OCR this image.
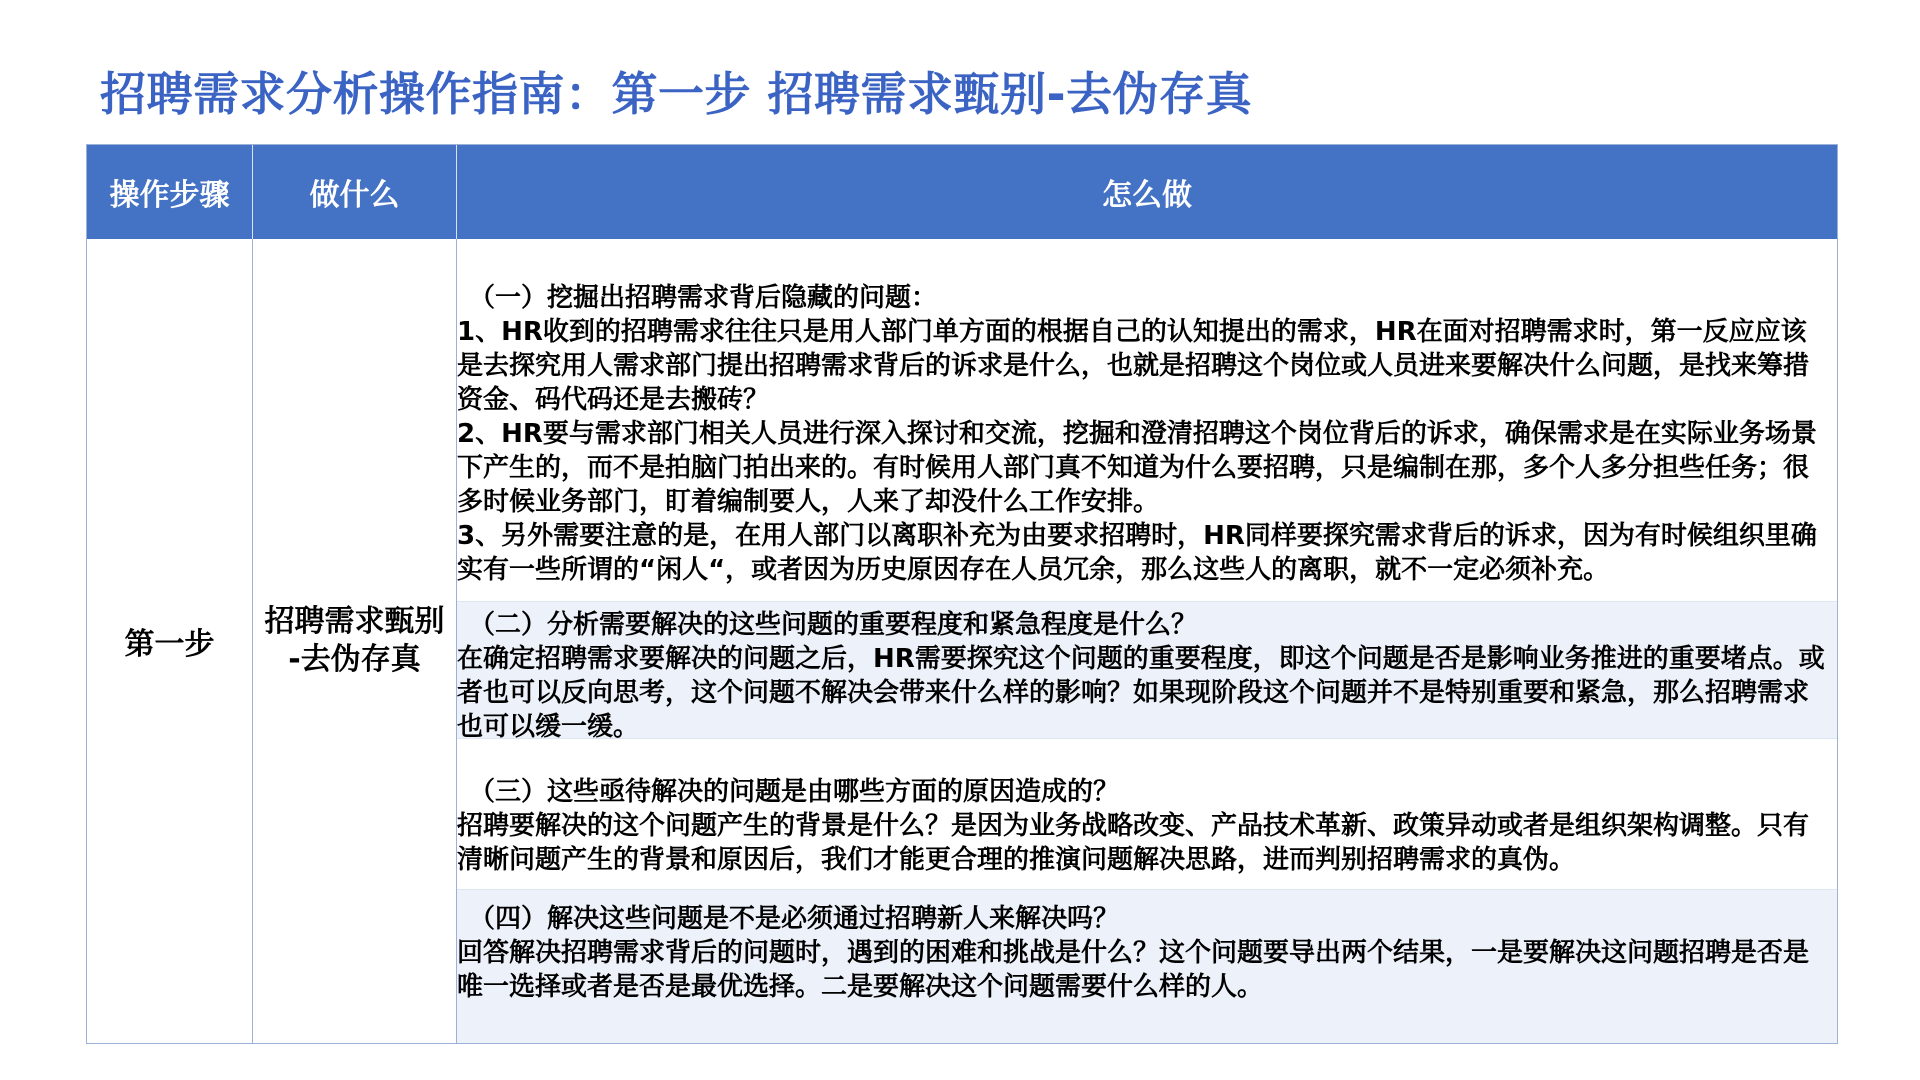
招聘需求分析操作指南：第一步 招聘需求甄别-去伪存真
操作步骤	做什么	怎么做
第一步
招聘需求甄别
-去伪存真
（一）挖掘出招聘需求背后隐藏的问题：
1、HR收到的招聘需求往往只是用人部门单方面的根据自己的认知提出的需求，HR在面对招聘需求时，第一反应应该是去探究用人需求部门提出招聘需求背后的诉求是什么，也就是招聘这个岗位或人员进来要解决什么问题，是找来筹措资金、码代码还是去搬砖？
2、HR要与需求部门相关人员进行深入探讨和交流，挖掘和澄清招聘这个岗位背后的诉求，确保需求是在实际业务场景下产生的，而不是拍脑门拍出来的。有时候用人部门真不知道为什么要招聘，只是编制在那，多个人多分担些任务；很多时候业务部门，盯着编制要人，人来了却没什么工作安排。
3、另外需要注意的是，在用人部门以离职补充为由要求招聘时，HR同样要探究需求背后的诉求，因为有时候组织里确实有一些所谓的“闲人“，或者因为历史原因存在人员冗余，那么这些人的离职，就不一定必须补充。
（二）分析需要解决的这些问题的重要程度和紧急程度是什么？
在确定招聘需求要解决的问题之后，HR需要探究这个问题的重要程度，即这个问题是否是影响业务推进的重要堵点。或者也可以反向思考，这个问题不解决会带来什么样的影响？如果现阶段这个问题并不是特别重要和紧急，那么招聘需求也可以缓一缓。
（三）这些亟待解决的问题是由哪些方面的原因造成的？
招聘要解决的这个问题产生的背景是什么？是因为业务战略改变、产品技术革新、政策异动或者是组织架构调整。只有清晰问题产生的背景和原因后，我们才能更合理的推演问题解决思路，进而判别招聘需求的真伪。
（四）解决这些问题是不是必须通过招聘新人来解决吗？
回答解决招聘需求背后的问题时，遇到的困难和挑战是什么？这个问题要导出两个结果，一是要解决这问题招聘是否是唯一选择或者是否是最优选择。二是要解决这个问题需要什么样的人。
